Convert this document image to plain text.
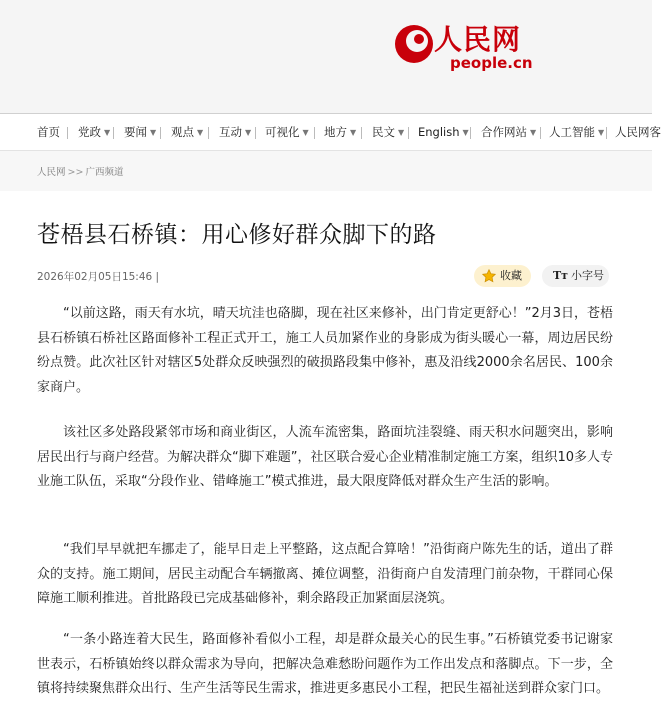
人民网
people.cn
首页 党政 ▼ 要闻 ▼ 观点 ▼ 互动 ▼ 可视化 ▼ 地方 ▼ 民文 ▼ English ▼ 合作网站 ▼ 人工智能 ▼ 人民网客
人民网 >> 广西频道
苍梧县石桥镇：用心修好群众脚下的路
2026年02月05日15:46 |	收藏	Tт 小字号

“以前这路，雨天有水坑，晴天坑洼也硌脚，现在社区来修补，出门肯定更舒心！”2月3日，苍梧县石桥镇石桥社区路面修补工程正式开工，施工人员加紧作业的身影成为街头暖心一幕，周边居民纷纷点赞。此次社区针对辖区5处群众反映强烈的破损路段集中修补，惠及沿线2000余名居民、100余家商户。

该社区多处路段紧邻市场和商业街区，人流车流密集，路面坑洼裂缝、雨天积水问题突出，影响居民出行与商户经营。为解决群众“脚下难题”，社区联合爱心企业精准制定施工方案，组织10多人专业施工队伍，采取“分段作业、错峰施工”模式推进，最大限度降低对群众生产生活的影响。

“我们早早就把车挪走了，能早日走上平整路，这点配合算啥！”沿街商户陈先生的话，道出了群众的支持。施工期间，居民主动配合车辆撤离、摊位调整，沿街商户自发清理门前杂物，干群同心保障施工顺利推进。首批路段已完成基础修补，剩余路段正加紧面层浇筑。

“一条小路连着大民生，路面修补看似小工程，却是群众最关心的民生事。”石桥镇党委书记谢家世表示，石桥镇始终以群众需求为导向，把解决急难愁盼问题作为工作出发点和落脚点。下一步，全镇将持续聚焦群众出行、生产生活等民生需求，推进更多惠民小工程，把民生福祉送到群众家门口。
